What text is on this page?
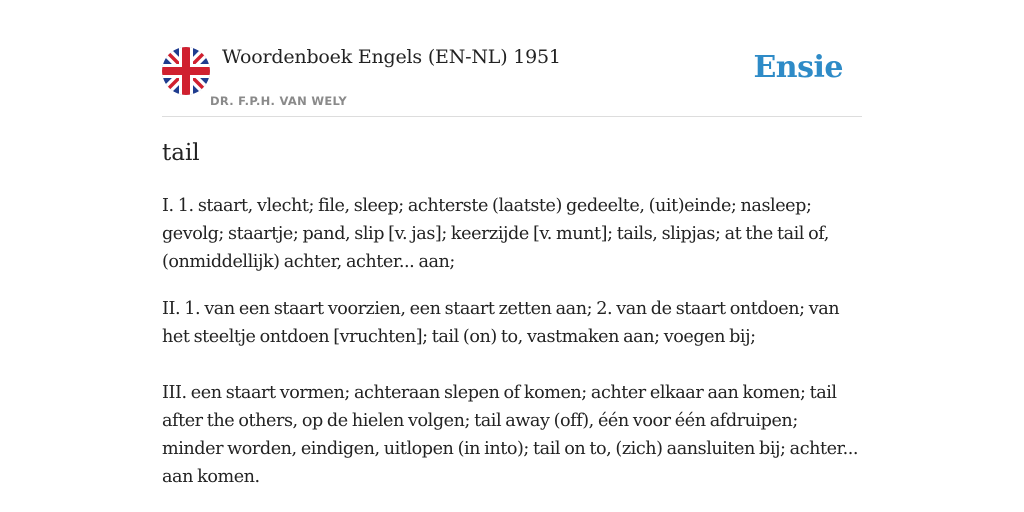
Woordenboek Engels (EN-NL) 1951
DR. F.P.H. VAN WELY
Ensie
tail

I. 1. staart, vlecht; file, sleep; achterste (laatste) gedeelte, (uit)einde; nasleep; gevolg; staartje; pand, slip [v. jas]; keerzijde [v. munt]; tails, slipjas; at the tail of, (onmiddellijk) achter, achter... aan;

II. 1. van een staart voorzien, een staart zetten aan; 2. van de staart ontdoen; van het steeltje ontdoen [vruchten]; tail (on) to, vastmaken aan; voegen bij;

III. een staart vormen; achteraan slepen of komen; achter elkaar aan komen; tail after the others, op de hielen volgen; tail away (off), één voor één afdruipen; minder worden, eindigen, uitlopen (in into); tail on to, (zich) aansluiten bij; achter... aan komen.
